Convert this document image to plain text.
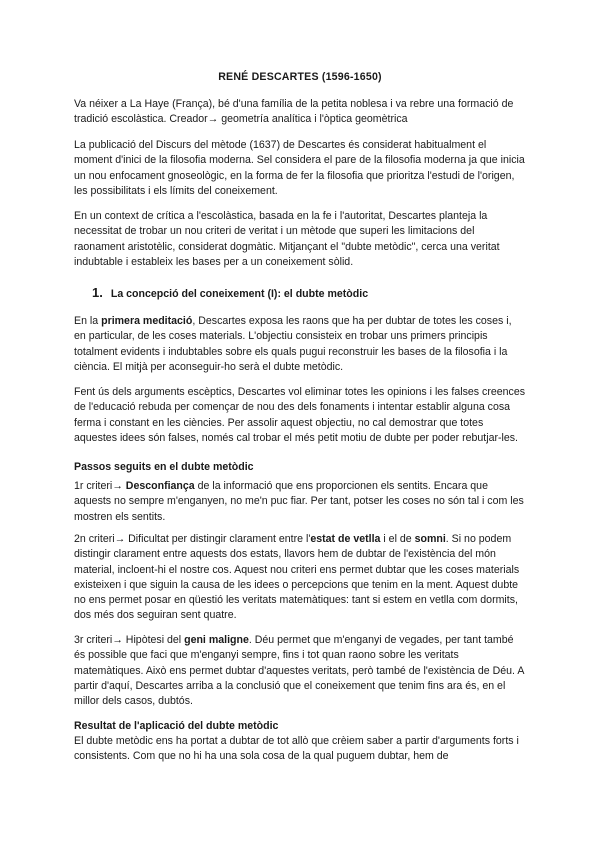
RENÉ DESCARTES (1596-1650)

Va néixer a La Haye (França), bé d'una família de la petita noblesa i va rebre una formació de tradició escolàstica. Creador→ geometría analítica i l'òptica geomètrica

La publicació del Discurs del mètode (1637) de Descartes és considerat habitualment el moment d'inici de la filosofia moderna. Sel considera el pare de la filosofia moderna ja que inicia un nou enfocament gnoseològic, en la forma de fer la filosofia que prioritza l'estudi de l'origen, les possibilitats i els límits del coneixement.

En un context de crítica a l'escolàstica, basada en la fe i l'autoritat, Descartes planteja la necessitat de trobar un nou criteri de veritat i un mètode que superi les limitacions del raonament aristotèlic, considerat dogmàtic. Mitjançant el "dubte metòdic", cerca una veritat indubtable i estableix les bases per a un coneixement sòlid.

1. La concepció del coneixement (I): el dubte metòdic

En la primera meditació, Descartes exposa les raons que ha per dubtar de totes les coses i, en particular, de les coses materials. L'objectiu consisteix en trobar uns primers principis totalment evidents i indubtables sobre els quals pugui reconstruir les bases de la filosofia i la ciència. El mitjà per aconseguir-ho serà el dubte metòdic.

Fent ús dels arguments escèptics, Descartes vol eliminar totes les opinions i les falses creences de l'educació rebuda per començar de nou des dels fonaments i intentar establir alguna cosa ferma i constant en les ciències. Per assolir aquest objectiu, no cal demostrar que totes aquestes idees són falses, només cal trobar el més petit motiu de dubte per poder rebutjar-les.

Passos seguits en el dubte metòdic

1r criteri→ Desconfiança de la informació que ens proporcionen els sentits. Encara que aquests no sempre m'enganyen, no me'n puc fiar. Per tant, potser les coses no són tal i com les mostren els sentits.

2n criteri→ Dificultat per distingir clarament entre l'estat de vetlla i el de somni. Si no podem distingir clarament entre aquests dos estats, llavors hem de dubtar de l'existència del món material, incloent-hi el nostre cos. Aquest nou criteri ens permet dubtar que les coses materials existeixen i que siguin la causa de les idees o percepcions que tenim en la ment. Aquest dubte no ens permet posar en qüestió les veritats matemàtiques: tant si estem en vetlla com dormits, dos més dos seguiran sent quatre.

3r criteri→ Hipòtesi del geni maligne. Déu permet que m'enganyi de vegades, per tant també és possible que faci que m'enganyi sempre, fins i tot quan raono sobre les veritats matemàtiques. Això ens permet dubtar d'aquestes veritats, però també de l'existència de Déu. A partir d'aquí, Descartes arriba a la conclusió que el coneixement que tenim fins ara és, en el millor dels casos, dubtós.

Resultat de l'aplicació del dubte metòdic

El dubte metòdic ens ha portat a dubtar de tot allò que crèiem saber a partir d'arguments forts i consistents. Com que no hi ha una sola cosa de la qual puguem dubtar, hem de
